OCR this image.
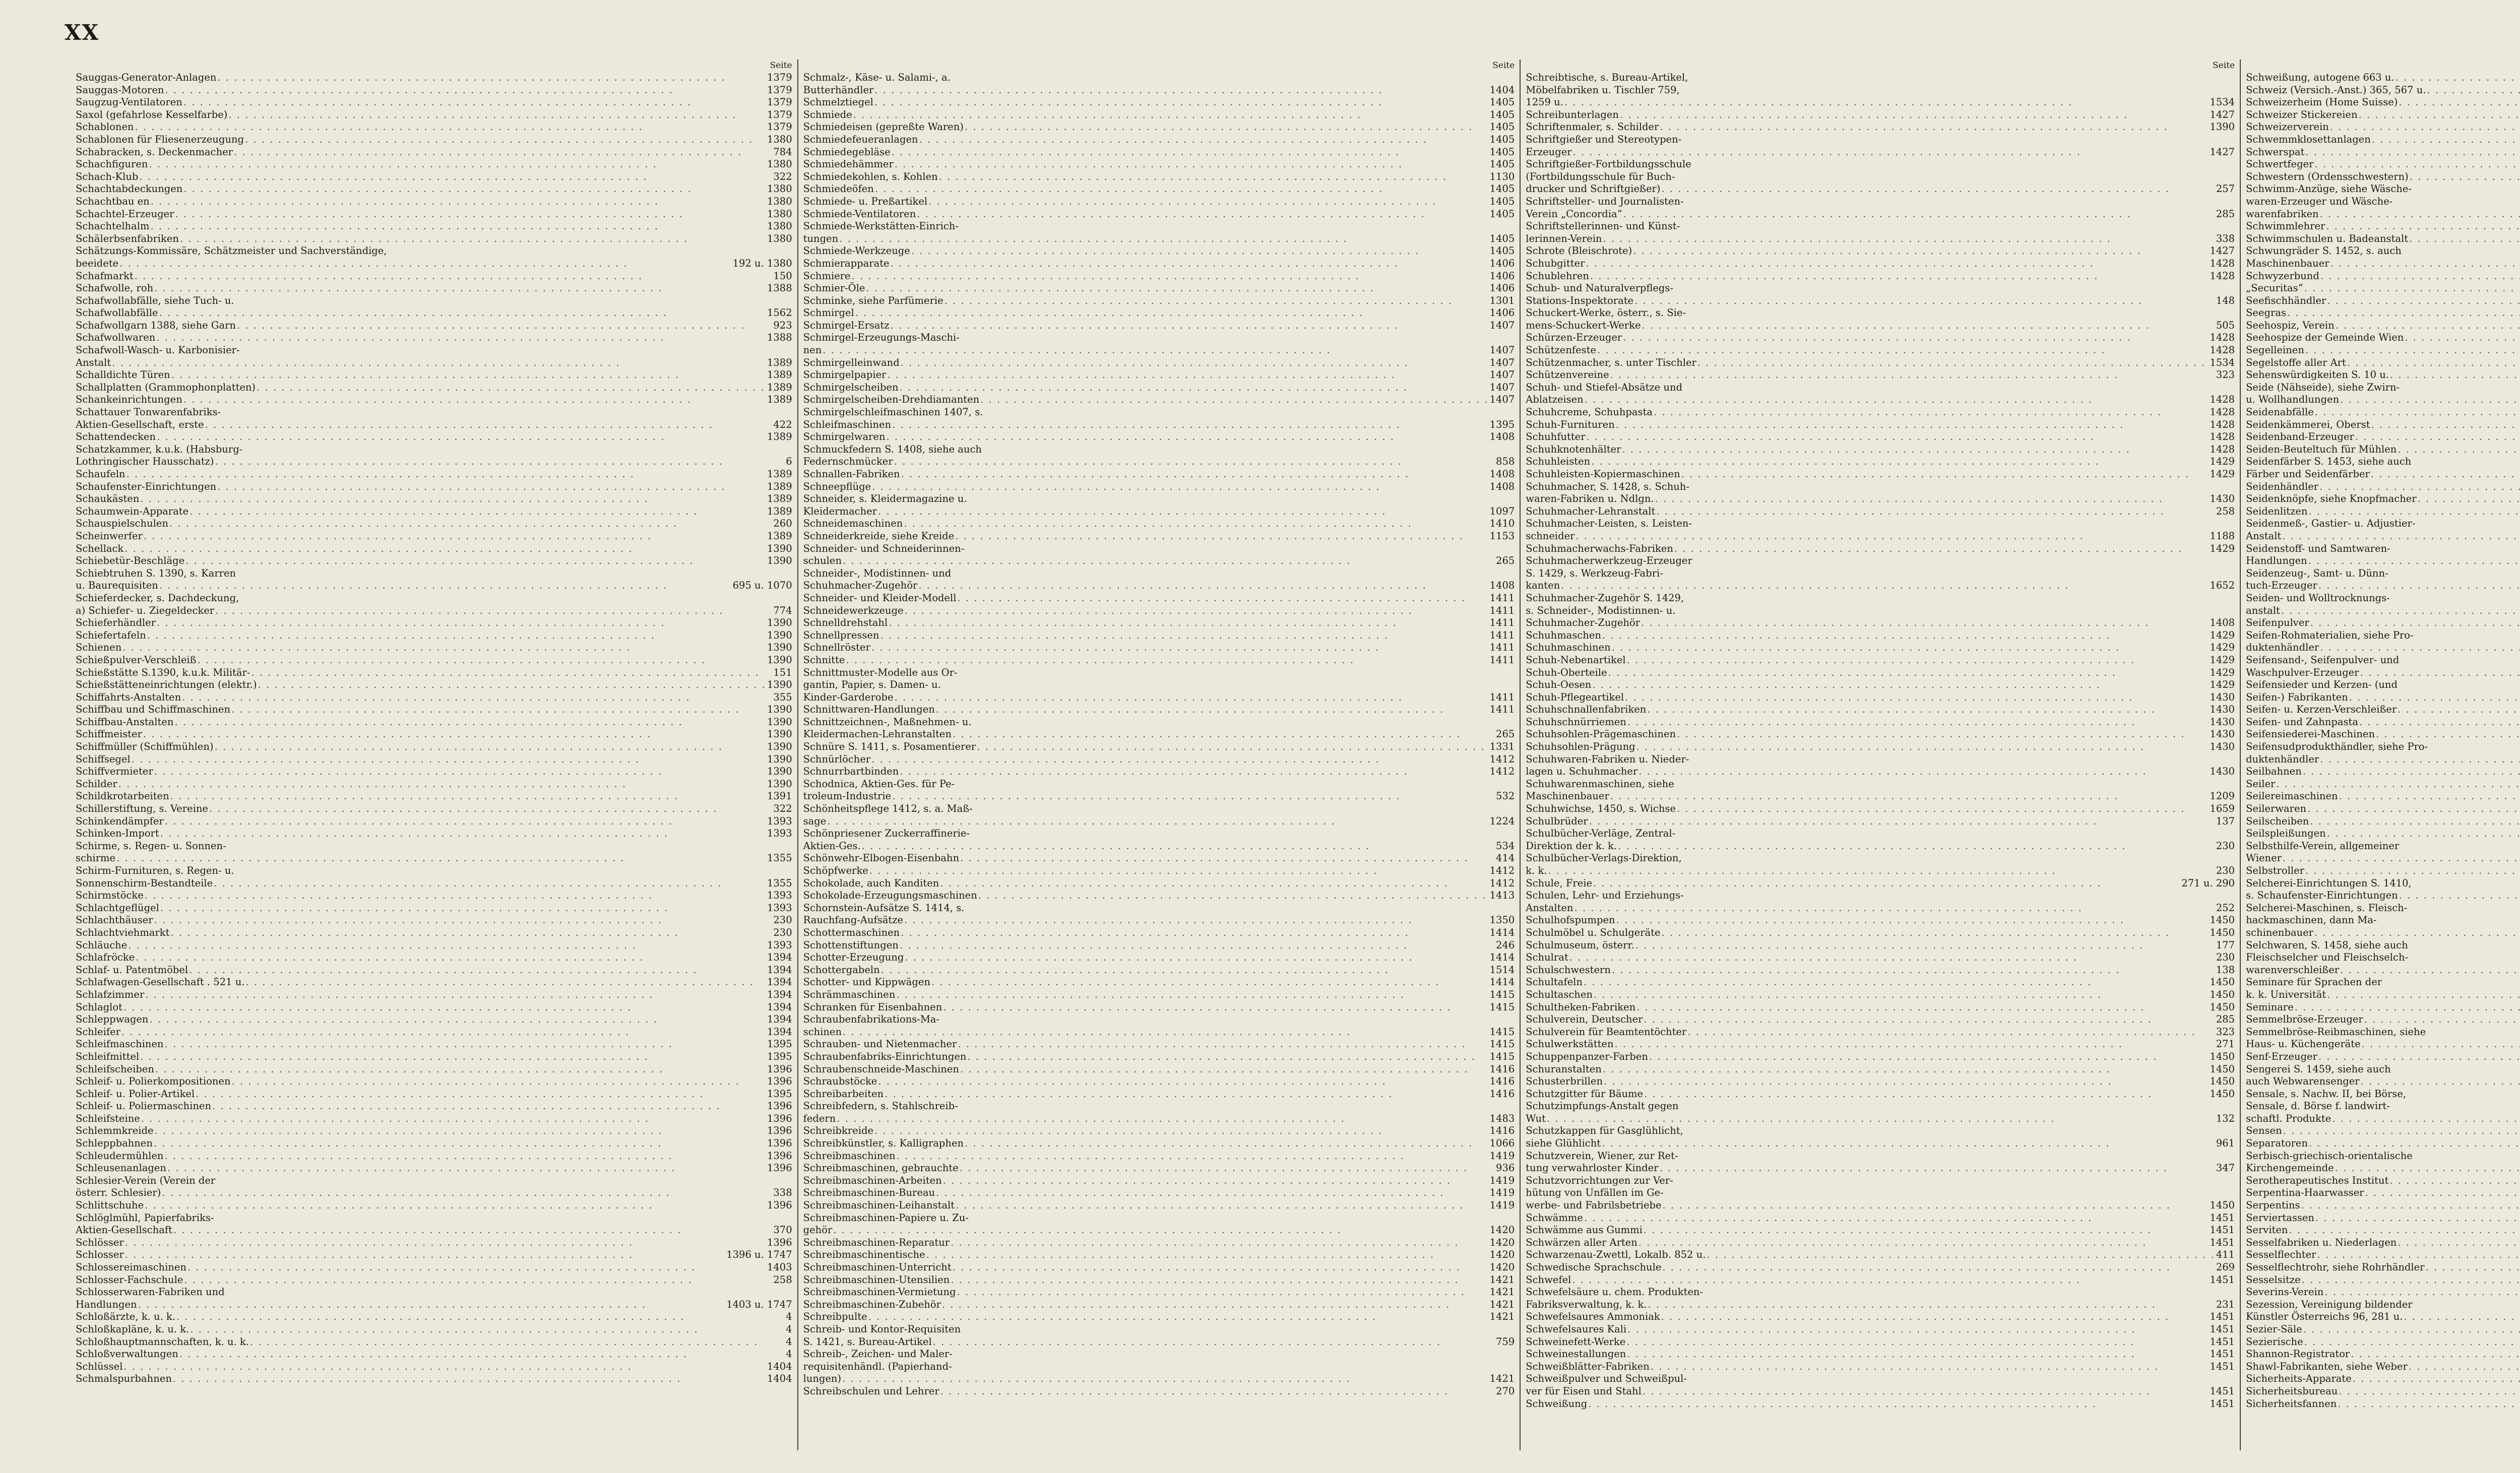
XX
Seite
Sauggas-Generator-Anlagen . . .	1379
Sauggas-Motoren . . .	1379
Saugzug-Ventilatoren . . .	1379
Saxol (gefahrlose Kesselfarbe) . . .	1379
Schablonen . . .	1379
Schablonen für Fliesenerzeugung . . .	1380
Schabracken, s. Deckenmacher . . .	784
Schachfiguren . . .	1380
Schach-Klub . . .	322
Schachtabdeckungen . . .	1380
Schachtbau en . . .	1380
Schachtel-Erzeuger . . .	1380
Schachtelhalm . . .	1380
Schälerbsenfabriken . . .	1380
Schätzungs-Kommissäre, Schätzmeister und Sachverständige,
beeidete . . .	192 u. 1380
Schafmarkt . . .	150
Schafwolle, roh . . .	1388
Schafwollabfälle, siehe Tuch- u.
Schafwollabfälle . . .	1562
Schafwollgarn 1388, siehe Garn . . .	923
Schafwollwaren . . .	1388
Schafwoll-Wasch- u. Karbonisier-
Anstalt . . .	1389
Schalldichte Türen . . .	1389
Schallplatten (Grammophonplatten) . . .	1389
Schankeinrichtungen . . .	1389
Schattauer Tonwarenfabriks-
Aktien-Gesellschaft, erste . . .	422
Schattendecken . . .	1389
Schatzkammer, k.u.k. (Habsburg-
Lothringischer Hausschatz) . . .	6
Schaufeln . . .	1389
Schaufenster-Einrichtungen . . .	1389
Schaukästen . . .	1389
Schaumwein-Apparate . . .	1389
Schauspielschulen . . .	260
Scheinwerfer . . .	1389
Schellack . . .	1390
Schiebetür-Beschläge . . .	1390
Schiebtruhen S. 1390, s. Karren
u. Baurequisiten . . .	695 u. 1070
Schieferdecker, s. Dachdeckung,
a) Schiefer- u. Ziegeldecker . . .	774
Schieferhändler . . .	1390
Schiefertafeln . . .	1390
Schienen . . .	1390
Schießpulver-Verschleiß . . .	1390
Schießstätte S.1390, k.u.k. Militär- . . .	151
Schießstätteneinrichtungen (elektr.) . . .	1390
Schiffahrts-Anstalten . . .	355
Schiffbau und Schiffmaschinen . . .	1390
Schiffbau-Anstalten . . .	1390
Schiffmeister . . .	1390
Schiffmüller (Schiffmühlen) . . .	1390
Schiffsegel . . .	1390
Schiffvermieter . . .	1390
Schilder . . .	1390
Schildkrotarbeiten . . .	1391
Schillerstiftung, s. Vereine . . .	322
Schinkendämpfer . . .	1393
Schinken-Import . . .	1393
Schirme, s. Regen- u. Sonnen-
schirme . . .	1355
Schirm-Furnituren, s. Regen- u.
Sonnenschirm-Bestandteile . . .	1355
Schirmstöcke . . .	1393
Schlachtgeflügel . . .	1393
Schlachthäuser . . .	230
Schlachtviehmarkt . . .	230
Schläuche . . .	1393
Schlafröcke . . .	1394
Schlaf- u. Patentmöbel . . .	1394
Schlafwagen-Gesellschaft . 521 u. . . .	1394
Schlafzimmer . . .	1394
Schlaglot . . .	1394
Schleppwagen . . .	1394
Schleifer . . .	1394
Schleifmaschinen . . .	1395
Schleifmittel . . .	1395
Schleifscheiben . . .	1396
Schleif- u. Polierkompositionen . . .	1396
Schleif- u. Polier-Artikel . . .	1395
Schleif- u. Poliermaschinen . . .	1396
Schleifsteine . . .	1396
Schlemmkreide . . .	1396
Schleppbahnen . . .	1396
Schleudermühlen . . .	1396
Schleusenanlagen . . .	1396
Schlesier-Verein (Verein der
österr. Schlesier) . . .	338
Schlittschuhe . . .	1396
Schlöglmühl, Papierfabriks-
Aktien-Gesellschaft . . .	370
Schlösser . . .	1396
Schlosser . . .	1396 u. 1747
Schlossereimaschinen . . .	1403
Schlosser-Fachschule . . .	258
Schlosserwaren-Fabriken und
Handlungen . . .	1403 u. 1747
Schloßärzte, k. u. k. . . .	4
Schloßkapläne, k. u. k. . . .	4
Schloßhauptmannschaften, k. u. k. . . .	4
Schloßverwaltungen . . .	4
Schlüssel . . .	1404
Schmalspurbahnen . . .	1404
Seite
Schmalz-, Käse- u. Salami-, a.
Butterhändler . . .	1404
Schmelztiegel . . .	1405
Schmiede . . .	1405
Schmiedeisen (gepreßte Waren) . . .	1405
Schmiedefeueranlagen . . .	1405
Schmiedegebläse . . .	1405
Schmiedehämmer . . .	1405
Schmiedekohlen, s. Kohlen . . .	1130
Schmiedeöfen . . .	1405
Schmiede- u. Preßartikel . . .	1405
Schmiede-Ventilatoren . . .	1405
Schmiede-Werkstätten-Einrich-
tungen . . .	1405
Schmiede-Werkzeuge . . .	1405
Schmierapparate . . .	1406
Schmiere . . .	1406
Schmier-Öle . . .	1406
Schminke, siehe Parfümerie . . .	1301
Schmirgel . . .	1406
Schmirgel-Ersatz . . .	1407
Schmirgel-Erzeugungs-Maschi-
nen . . .	1407
Schmirgelleinwand . . .	1407
Schmirgelpapier . . .	1407
Schmirgelscheiben . . .	1407
Schmirgelscheiben-Drehdiamanten . . .	1407
Schmirgelschleifmaschinen 1407, s.
Schleifmaschinen . . .	1395
Schmirgelwaren . . .	1408
Schmuckfedern S. 1408, siehe auch
Federnschmücker . . .	858
Schnallen-Fabriken . . .	1408
Schneepflüge . . .	1408
Schneider, s. Kleidermagazine u.
Kleidermacher . . .	1097
Schneidemaschinen . . .	1410
Schneiderkreide, siehe Kreide . . .	1153
Schneider- und Schneiderinnen-
schulen . . .	265
Schneider-, Modistinnen- und
Schuhmacher-Zugehör . . .	1408
Schneider- und Kleider-Modell . . .	1411
Schneidewerkzeuge . . .	1411
Schnelldrehstahl . . .	1411
Schnellpressen . . .	1411
Schnellröster . . .	1411
Schnitte . . .	1411
Schnittmuster-Modelle aus Or-
gantin, Papier, s. Damen- u.
Kinder-Garderobe . . .	1411
Schnittwaren-Handlungen . . .	1411
Schnittzeichnen-, Maßnehmen- u.
Kleidermachen-Lehranstalten . . .	265
Schnüre S. 1411, s. Posamentierer . . .	1331
Schnürlöcher . . .	1412
Schnurrbartbinden . . .	1412
Schodnica, Aktien-Ges. für Pe-
troleum-Industrie . . .	532
Schönheitspflege 1412, s. a. Maß-
sage . . .	1224
Schönpriesener Zuckerraffinerie-
Aktien-Ges. . . .	534
Schönwehr-Elbogen-Eisenbahn . . .	414
Schöpfwerke . . .	1412
Schokolade, auch Kanditen . . .	1412
Schokolade-Erzeugungsmaschinen . . .	1413
Schornstein-Aufsätze S. 1414, s.
Rauchfang-Aufsätze . . .	1350
Schottermaschinen . . .	1414
Schottenstiftungen . . .	246
Schotter-Erzeugung . . .	1414
Schottergabeln . . .	1514
Schotter- und Kippwägen . . .	1414
Schrämmaschinen . . .	1415
Schranken für Eisenbahnen . . .	1415
Schraubenfabrikations-Ma-
schinen . . .	1415
Schrauben- und Nietenmacher . . .	1415
Schraubenfabriks-Einrichtungen . . .	1415
Schraubenschneide-Maschinen . . .	1416
Schraubstöcke . . .	1416
Schreibarbeiten . . .	1416
Schreibfedern, s. Stahlschreib-
federn . . .	1483
Schreibkreide . . .	1416
Schreibkünstler, s. Kalligraphen . . .	1066
Schreibmaschinen . . .	1419
Schreibmaschinen, gebrauchte . . .	936
Schreibmaschinen-Arbeiten . . .	1419
Schreibmaschinen-Bureau . . .	1419
Schreibmaschinen-Leihanstalt . . .	1419
Schreibmaschinen-Papiere u. Zu-
gehör . . .	1420
Schreibmaschinen-Reparatur . . .	1420
Schreibmaschinentische . . .	1420
Schreibmaschinen-Unterricht . . .	1420
Schreibmaschinen-Utensilien . . .	1421
Schreibmaschinen-Vermietung . . .	1421
Schreibmaschinen-Zubehör . . .	1421
Schreibpulte . . .	1421
Schreib- und Kontor-Requisiten
S. 1421, s. Bureau-Artikel . . .	759
Schreib-, Zeichen- und Maler-
requisitenhändl. (Papierhand-
lungen) . . .	1421
Schreibschulen und Lehrer . . .	270
Seite
Schreibtische, s. Bureau-Artikel,
Möbelfabriken u. Tischler 759,
1259 u. . . .	1534
Schreibunterlagen . . .	1427
Schriftenmaler, s. Schilder . . .	1390
Schriftgießer und Stereotypen-
Erzeuger . . .	1427
Schriftgießer-Fortbildungsschule
(Fortbildungsschule für Buch-
drucker und Schriftgießer) . . .	257
Schriftsteller- und Journalisten-
Verein „Concordia“ . . .	285
Schriftstellerinnen- und Künst-
lerinnen-Verein . . .	338
Schrote (Bleischrote) . . .	1427
Schubgitter . . .	1428
Schublehren . . .	1428
Schub- und Naturalverpflegs-
Stations-Inspektorate . . .	148
Schuckert-Werke, österr., s. Sie-
mens-Schuckert-Werke . . .	505
Schürzen-Erzeuger . . .	1428
Schützenfeste . . .	1428
Schützenmacher, s. unter Tischler . . .	1534
Schützenvereine . . .	323
Schuh- und Stiefel-Absätze und
Ablatzeisen . . .	1428
Schuhcreme, Schuhpasta . . .	1428
Schuh-Furnituren . . .	1428
Schuhfutter . . .	1428
Schuhknotenhälter . . .	1428
Schuhleisten . . .	1429
Schuhleisten-Kopiermaschinen . . .	1429
Schuhmacher, S. 1428, s. Schuh-
waren-Fabriken u. Ndlgn. . . .	1430
Schuhmacher-Lehranstalt . . .	258
Schuhmacher-Leisten, s. Leisten-
schneider . . .	1188
Schuhmacherwachs-Fabriken . . .	1429
Schuhmacherwerkzeug-Erzeuger
S. 1429, s. Werkzeug-Fabri-
kanten . . .	1652
Schuhmacher-Zugehör S. 1429,
s. Schneider-, Modistinnen- u.
Schuhmacher-Zugehör . . .	1408
Schuhmaschen . . .	1429
Schuhmaschinen . . .	1429
Schuh-Nebenartikel . . .	1429
Schuh-Oberteile . . .	1429
Schuh-Oesen . . .	1429
Schuh-Pflegeartikel . . .	1430
Schuhschnallenfabriken . . .	1430
Schuhschnürriemen . . .	1430
Schuhsohlen-Prägemaschinen . . .	1430
Schuhsohlen-Prägung . . .	1430
Schuhwaren-Fabriken u. Nieder-
lagen u. Schuhmacher . . .	1430
Schuhwarenmaschinen, siehe
Maschinenbauer . . .	1209
Schuhwichse, 1450, s. Wichse . . .	1659
Schulbrüder . . .	137
Schulbücher-Verläge, Zentral-
Direktion der k. k. . . .	230
Schulbücher-Verlags-Direktion,
k. k. . . .	230
Schule, Freie . . .	271 u. 290
Schulen, Lehr- und Erziehungs-
Anstalten . . .	252
Schulhofspumpen . . .	1450
Schulmöbel u. Schulgeräte . . .	1450
Schulmuseum, österr. . . .	177
Schulrat . . .	230
Schulschwestern . . .	138
Schultafeln . . .	1450
Schultaschen . . .	1450
Schultheken-Fabriken . . .	1450
Schulverein, Deutscher . . .	285
Schulverein für Beamtentöchter . . .	323
Schulwerkstätten . . .	271
Schuppenpanzer-Farben . . .	1450
Schuranstalten . . .	1450
Schusterbrillen . . .	1450
Schutzgitter für Bäume . . .	1450
Schutzimpfungs-Anstalt gegen
Wut . . .	132
Schutzkappen für Gasglühlicht,
siehe Glühlicht . . .	961
Schutzverein, Wiener, zur Ret-
tung verwahrloster Kinder . . .	347
Schutzvorrichtungen zur Ver-
hütung von Unfällen im Ge-
werbe- und Fabrilsbetriebe . . .	1450
Schwämme . . .	1451
Schwämme aus Gummi . . .	1451
Schwärzen aller Arten . . .	1451
Schwarzenau-Zwettl, Lokalb. 852 u. . . .	411
Schwedische Sprachschule . . .	269
Schwefel . . .	1451
Schwefelsäure u. chem. Produkten-
Fabriksverwaltung, k. k. . . .	231
Schwefelsaures Ammoniak . . .	1451
Schwefelsaures Kali . . .	1451
Schweinefett-Werke . . .	1451
Schweinestallungen . . .	1451
Schweißblätter-Fabriken . . .	1451
Schweißpulver und Schweißpul-
ver für Eisen und Stahl . . .	1451
Schweißung . . .	1451
Schweißung, autogene 663 u.
. . .
Schweiz (Versich.-Anst.) 365, 567 u.
. . .
Schweizerheim (Home Suisse)
. . .
Schweizer Stickereien
. . .
Schweizerverein
. . .
Schwemmklosettanlagen
. . .
Schwerspat
. . .
Schwertfeger
. . .
Schwestern (Ordensschwestern)
. . .
Schwimm-Anzüge, siehe Wäsche-
waren-Erzeuger und Wäsche-
warenfabriken
. . .
Schwimmlehrer
. . .
Schwimmschulen u. Badeanstalt
. . .
Schwungräder S. 1452, s. auch
Maschinenbauer
. . .
Schwyzerbund
. . .
„Securitas“
. . .
Seefischhändler
. . .
Seegras
. . .
Seehospiz, Verein
. . .
Seehospize der Gemeinde Wien
. . .
Segelleinen
. . .
Segelstoffe aller Art
. . .
Sehenswürdigkeiten S. 10 u.
. . .
Seide (Nähseide), siehe Zwirn-
u. Wollhandlungen
. . .
Seidenabfälle
. . .
Seidenkämmerei, Oberst
. . .
Seidenband-Erzeuger
. . .
Seiden-Beuteltuch für Mühlen
. . .
Seidenfärber S. 1453, siehe auch
Färber und Seidenfärber
. . .
Seidenhändler
. . .
Seidenknöpfe, siehe Knopfmacher
. . .
Seidenlitzen
. . .
Seidenmeß-, Gastier- u. Adjustier-
Anstalt
. . .
Seidenstoff- und Samtwaren-
Handlungen
. . .
Seidenzeug-, Samt- u. Dünn-
tuch-Erzeuger
. . .
Seiden- und Wolltrocknungs-
anstalt
. . .
Seifenpulver
. . .
Seifen-Rohmaterialien, siehe Pro-
duktenhändler
. . .
Seifensand-, Seifenpulver- und
Waschpulver-Erzeuger
. . .
Seifensieder und Kerzen- (und
Seifen-) Fabrikanten
. . .
Seifen- u. Kerzen-Verschleißer
. . .
Seifen- und Zahnpasta
. . .
Seifensiederei-Maschinen
. . .
Seifensudprodukthändler, siehe Pro-
duktenhändler
. . .
Seilbahnen
. . .
Seiler
. . .
Seilereimaschinen
. . .
Seilerwaren
. . .
Seilscheiben
. . .
Seilspleißungen
. . .
Selbsthilfe-Verein, allgemeiner
Wiener
. . .
Selbstroller
. . .
Selcherei-Einrichtungen S. 1410,
s. Schaufenster-Einrichtungen
. . .
Selcherei-Maschinen, s. Fleisch-
hackmaschinen, dann Ma-
schinenbauer
. . .
Selchwaren, S. 1458, siehe auch
Fleischselcher und Fleischselch-
warenverschleißer
. . .
Seminare für Sprachen der
k. k. Universität
. . .
Seminare
. . .
Semmelbröse-Erzeuger
. . .
Semmelbröse-Reibmaschinen, siehe
Haus- u. Küchengeräte
. . .
Senf-Erzeuger
. . .
Sengerei S. 1459, siehe auch
auch Webwarensenger
. . .
Sensale, s. Nachw. II, bei Börse,
Sensale, d. Börse f. landwirt-
schaftl. Produkte
. . .
Sensen
. . .
Separatoren
. . .
Serbisch-griechisch-orientalische
Kirchengemeinde
. . .
Serotherapeutisches Institut
. . .
Serpentina-Haarwasser
. . .
Serpentins
. . .
Serviertassen
. . .
Serviten
. . .
Sesselfabriken u. Niederlagen
. . .
Sesselflechter
. . .
Sesselflechtrohr, siehe Rohrhändler
. . .
Sesselsitze
. . .
Severins-Verein
. . .
Sezession, Vereinigung bildender
Künstler Österreichs 96, 281 u.
. . .
Sezier-Säle
. . .
Sezierische
. . .
Shannon-Registrator
. . .
Shawl-Fabrikanten, siehe Weber
. . .
Sicherheits-Apparate
. . .
Sicherheitsbureau
. . .
Sicherheitsfannen
. . .
